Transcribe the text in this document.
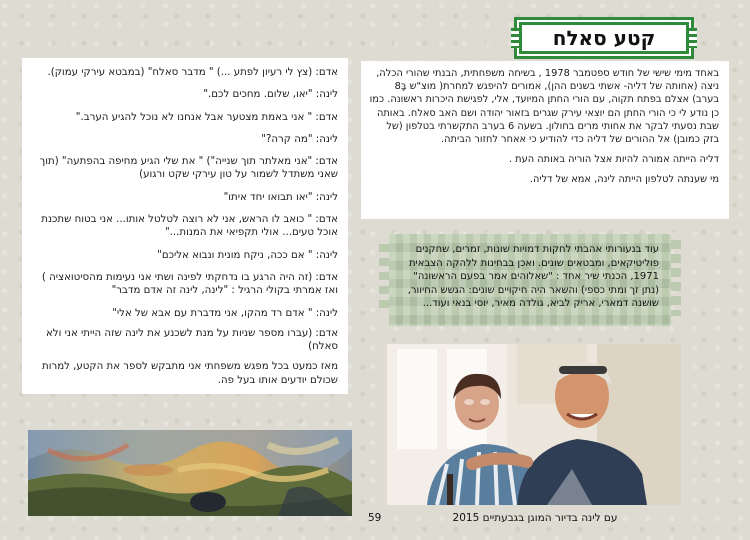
אדם: (צץ לי רעיון לפתע ...) " מדבר סאלח" (במבטא עירקי עמוק).

לינה: "יאו, שלום. מחכים לכם."

אדם: " אני באמת מצטער אבל אנחנו לא נוכל להגיע הערב."

לינה: "מה קרה?"

אדם: "אני מאלתר תוך שנייה") " את שלי הגיע מחיפה בהפתעה" (תוך שאני משתדל לשמור על טון עירקי שקט ורגוע)

לינה: "יאו תבואו יחד איתו"

אדם: " כואב לו הראש, אני לא רוצה לטלטל אותו... אני בטוח שתכנת אוכל טעים... אולי תקפיאי את המנות..."

לינה: " אם ככה, ניקח מונית ונבוא אליכם"

אדם: (זה היה הרגע בו נדחקתי לפינה ושתי אני נעימות מהסיטואציה ) ואז אמרתי בקולי הרגיל : "לינה, לינה זה אדם מדבר"

לינה: " אדם רד מהקו, אני מדברת עם אבא של אלי"

אדם: (עברו מספר שניות על מנת לשכנע את לינה שזה הייתי אני ולא סאלח)

מאז כמעט בכל מפגש משפחתי אני מתבקש לספר את הקטע, למרות שכולם יודעים אותו בעל פה.

קטע סאלח

באחד מימי שישי של חודש ספטמבר 1978 , בשיחה משפחתית, הבנתי שהורי הכלה, ניצה (אחותה של דליה- אשתי בשנים ההן), אמורים להיפגש למחרת( מוצ"ש בָּ8 בערב) אצלם בפתח תקוה, עם הורי החתן המיועד, אלי, לפגישת היכרות ראשונה. כמו כן נודע לי כי הורי החתן הם יוצאי עירק שגרים בזאור יהודה ושם האב סאלח. באותה שבת נסעתי לבקר את אחותי מרים בחולון. בשעה 6 בערב התקשרתי בטלפון (של בזק כמובן) אל ההורים של דליה כדי להודיע כי אאחר לחזור הביתה.

דליה הייתה אמורה להיות אצל הוריה באותה העת .

מי שענתה לטלפון הייתה לינה, אמא של דליה.

עוד בנעורותי אהבתי לחקות דמויות שונות, זמרים, שחקנים פוליטיקאים, ומבטאים שונים. ואכן בבחינות ללהקה הצבאית 1971, הכנתי שיר אחד : "שאלוהים אמר בפעם הראשונה" (נתן זך ומתי כספי) והשאר היה חיקויים שונים: הגשש החיוור, שושנה דמארי, אריק לביא, גולדה מאיר, יוסי בנאי ועוד...
59	עם לינה בדיור המוגן בגבעתיים 2015
